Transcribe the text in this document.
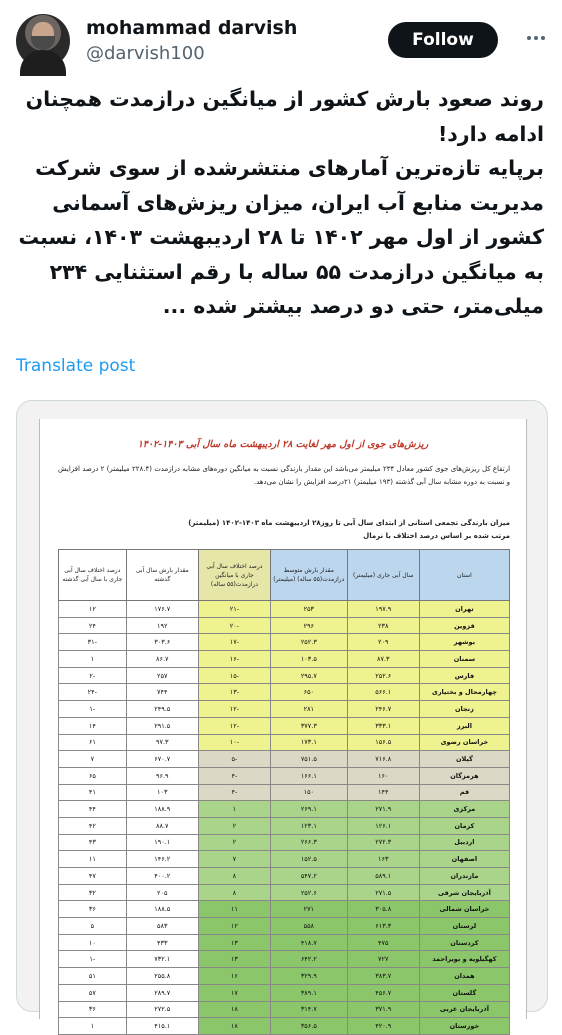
mohammad darvish
@darvish100
Follow

روند صعود بارش کشور از میانگین درازمدت همچنان ادامه دارد!

برپایه تازه‌ترین آمارهای منتشرشده از سوی شرکت مدیریت منابع آب ایران، میزان ریزش‌های آسمانی کشور از اول مهر ۱۴۰۲ تا ۲۸ اردیبهشت ۱۴۰۳، نسبت به میانگین درازمدت ۵۵ ساله با رقم استثنایی ۲۳۴ میلی‌متر، حتی دو درصد بیشتر شده ...

Translate post
ریزش‌های جوی از اول مهر لغایت ۲۸ اردیبهشت ماه سال آبی ۱۴۰۳-۱۴۰۲
ارتفاع کل ریزش‌های جوی کشور معادل ۲۳۴ میلیمتر می‌باشد این مقدار بارندگی نسبت به میانگین دوره‌های مشابه درازمدت (۲۲۸.۴ میلیمتر) ۲ درصد افزایش و نسبت به دوره مشابه سال آبی گذشته (۱۹۳ میلیمتر) ۲۱درصد افزایش را نشان می‌دهد.
میزان بارندگی تجمعی استانی از ابتدای سال آبی تا روز۲۸ اردیبهشت ماه ۱۴۰۳-۱۴۰۲ (میلیمتر)
مرتب شده بر اساس درصد اختلاف با نرمال
استان	سال آبی جاری (میلیمتر)	مقدار بارش متوسط درازمدت(۵۵ ساله) (میلیمتر)	درصد اختلاف سال آبی جاری با میانگین درازمدت(۵۵ ساله)	مقدار بارش سال آبی گذشته	درصد اختلاف سال آبی جاری با سال آبی گذشته
تهران	۱۹۷.۹	۲۵۳	-۲۱	۱۷۶.۷	۱۲
قزوین	۲۳۸	۲۹۶	-۲۰	۱۹۲	۲۴
بوشهر	۲۰۹	۲۵۲.۳	-۱۷	۳۰۳.۶	-۳۱
سمنان	۸۷.۳	۱۰۳.۵	-۱۶	۸۶.۷	۱
فارس	۲۵۲.۶	۲۹۵.۷	-۱۵	۲۵۷	-۲
چهارمحال و بختیاری	۵۶۶.۱	۶۵۰	-۱۳	۷۴۴	-۲۴
زنجان	۲۴۶.۷	۲۸۱	-۱۲	۲۴۹.۵	-۱
البرز	۳۳۳.۱	۳۷۷.۳	-۱۲	۲۹۱.۵	۱۴
خراسان رضوی	۱۵۶.۵	۱۷۳.۱	-۱۰	۹۷.۳	۶۱
گیلان	۷۱۶.۸	۷۵۱.۵	-۵	۶۷۰.۷	۷
هرمزگان	۱۶۰	۱۶۶.۱	-۴	۹۶.۹	۶۵
قم	۱۴۴	۱۵۰	-۴	۱۰۳	۴۱
مرکزی	۲۷۱.۹	۲۶۹.۱	۱	۱۸۸.۹	۴۴
کرمان	۱۲۶.۱	۱۲۳.۱	۲	۸۸.۷	۴۲
اردبیل	۲۷۲.۳	۲۶۶.۳	۲	۱۹۰.۱	۴۳
اصفهان	۱۶۳	۱۵۲.۵	۷	۱۴۶.۲	۱۱
مازندران	۵۸۹.۱	۵۴۷.۲	۸	۴۰۰.۲	۴۷
آذربایجان شرقی	۲۷۱.۵	۲۵۲.۶	۸	۲۰۵	۳۲
خراسان شمالی	۳۰۵.۸	۲۷۱	۱۱	۱۸۸.۵	۳۶
لرستان	۶۱۳.۳	۵۵۸	۱۲	۵۸۳	۵
کردستان	۴۷۵	۴۱۸.۷	۱۳	۴۳۳	۱۰
کهگیلویه و بویراحمد	۷۲۷	۶۴۲.۲	۱۳	۷۳۲.۱	-۱
همدان	۳۸۳.۷	۳۲۹.۹	۱۶	۲۵۵.۸	۵۱
گلستان	۴۵۶.۷	۳۸۹.۱	۱۷	۲۸۹.۷	۵۷
آذربایجان غربی	۳۷۱.۹	۳۱۴.۷	۱۸	۲۷۲.۵	۳۶
خوزستان	۴۲۰.۹	۳۵۶.۵	۱۸	۴۱۵.۱	۱
